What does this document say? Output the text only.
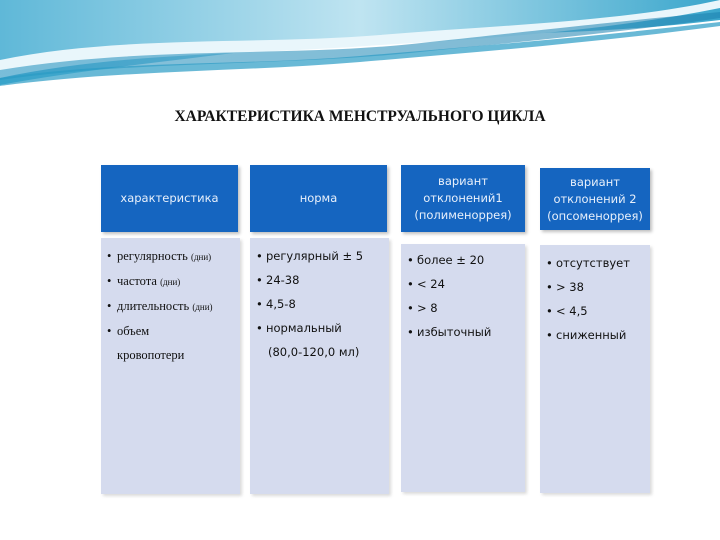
ХАРАКТЕРИСТИКА МЕНСТРУАЛЬНОГО ЦИКЛА
характеристика
• регулярность (дни)
• частота (дни)
• длительность (дни)
• объем
кровопотери
норма
• регулярный ± 5
• 24-38
• 4,5-8
• нормальный
(80,0-120,0 мл)
вариант
отклонений1
(полименоррея)
• более ± 20
• < 24
• > 8
• избыточный
вариант
отклонений 2
(опсоменоррея)
• отсутствует
• > 38
• < 4,5
• сниженный
